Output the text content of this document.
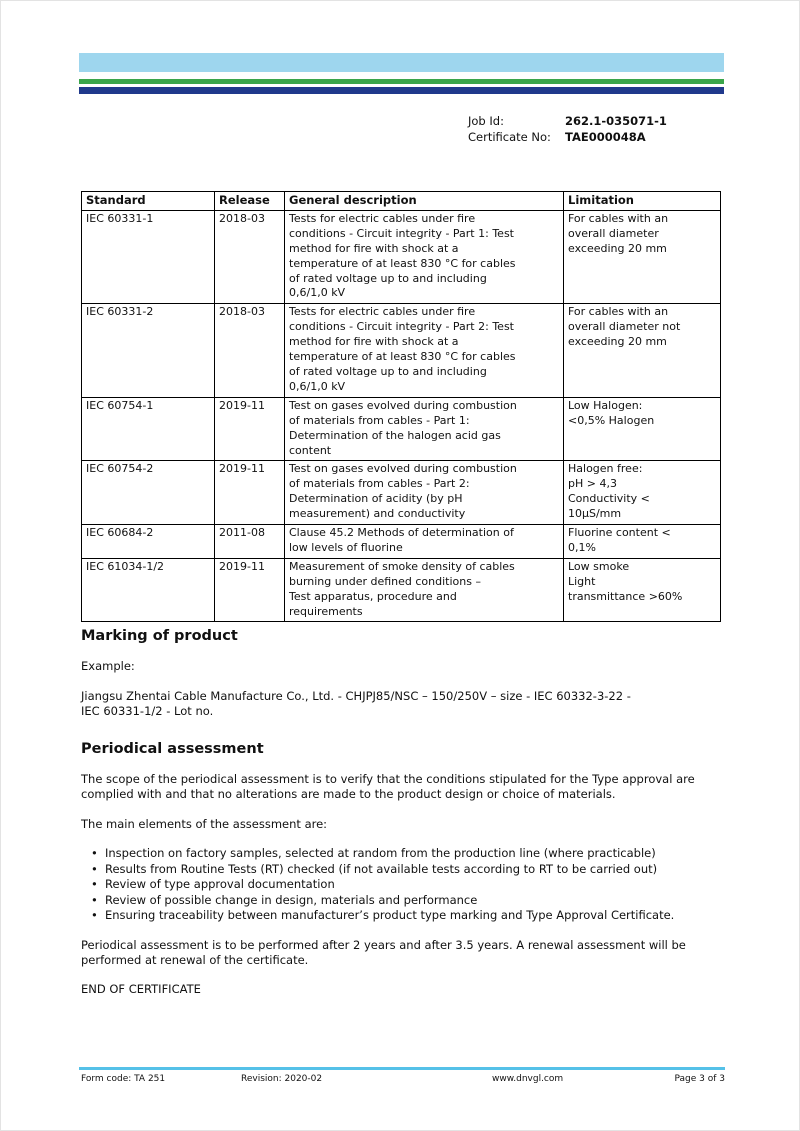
Job Id:	262.1-035071-1
Certificate No:	TAE000048A
Standard	Release	General description	Limitation
IEC 60331-1	2018-03	Tests for electric cables under fire
conditions - Circuit integrity - Part 1: Test
method for fire with shock at a
temperature of at least 830 °C for cables
of rated voltage up to and including
0,6/1,0 kV	For cables with an
overall diameter
exceeding 20 mm
IEC 60331-2	2018-03	Tests for electric cables under fire
conditions - Circuit integrity - Part 2: Test
method for fire with shock at a
temperature of at least 830 °C for cables
of rated voltage up to and including
0,6/1,0 kV	For cables with an
overall diameter not
exceeding 20 mm
IEC 60754-1	2019-11	Test on gases evolved during combustion
of materials from cables - Part 1:
Determination of the halogen acid gas
content	Low Halogen:
<0,5% Halogen
IEC 60754-2	2019-11	Test on gases evolved during combustion
of materials from cables - Part 2:
Determination of acidity (by pH
measurement) and conductivity	Halogen free:
pH > 4,3
Conductivity <
10µS/mm
IEC 60684-2	2011-08	Clause 45.2 Methods of determination of
low levels of fluorine	Fluorine content <
0,1%
IEC 61034-1/2	2019-11	Measurement of smoke density of cables
burning under defined conditions –
Test apparatus, procedure and
requirements	Low smoke
Light
transmittance >60%
Marking of product

Example:

Jiangsu Zhentai Cable Manufacture Co., Ltd. - CHJPJ85/NSC – 150/250V – size - IEC 60332-3-22 -
IEC 60331-1/2 - Lot no.

Periodical assessment

The scope of the periodical assessment is to verify that the conditions stipulated for the Type approval are complied with and that no alterations are made to the product design or choice of materials.

The main elements of the assessment are:

• Inspection on factory samples, selected at random from the production line (where practicable)
• Results from Routine Tests (RT) checked (if not available tests according to RT to be carried out)
• Review of type approval documentation
• Review of possible change in design, materials and performance
• Ensuring traceability between manufacturer’s product type marking and Type Approval Certificate.

Periodical assessment is to be performed after 2 years and after 3.5 years. A renewal assessment will be performed at renewal of the certificate.

END OF CERTIFICATE

Form code: TA 251	Revision: 2020-02	www.dnvgl.com	Page 3 of 3
